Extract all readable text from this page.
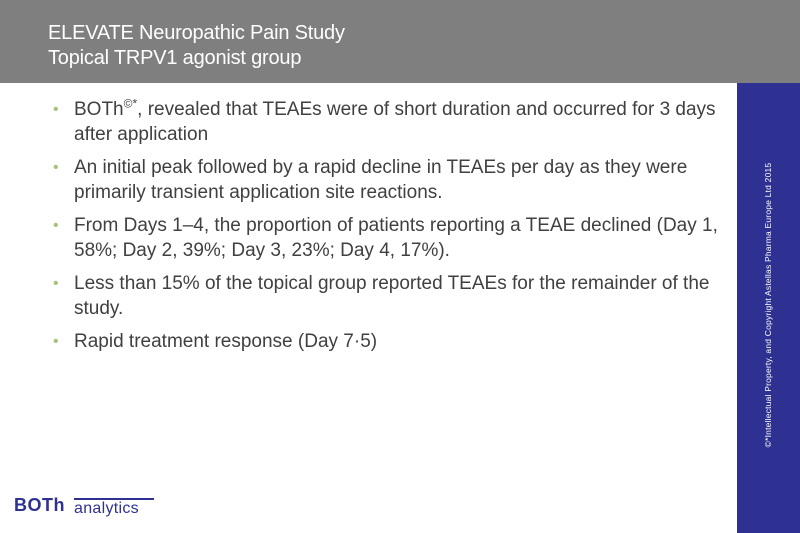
ELEVATE Neuropathic Pain Study
Topical TRPV1 agonist group
• BOTh©*, revealed that TEAEs were of short duration and occurred for 3 days after application
• An initial peak followed by a rapid decline in TEAEs per day as they were primarily transient application site reactions.
• From Days 1–4, the proportion of patients reporting a TEAE declined (Day 1, 58%; Day 2, 39%; Day 3, 23%; Day 4, 17%).
• Less than 15% of the topical group reported TEAEs for the remainder of the study.
• Rapid treatment response (Day 7·5)	©*Intellectual Property, and Copyright Astellas Pharma Europe Ltd 2015
BOTh analytics
